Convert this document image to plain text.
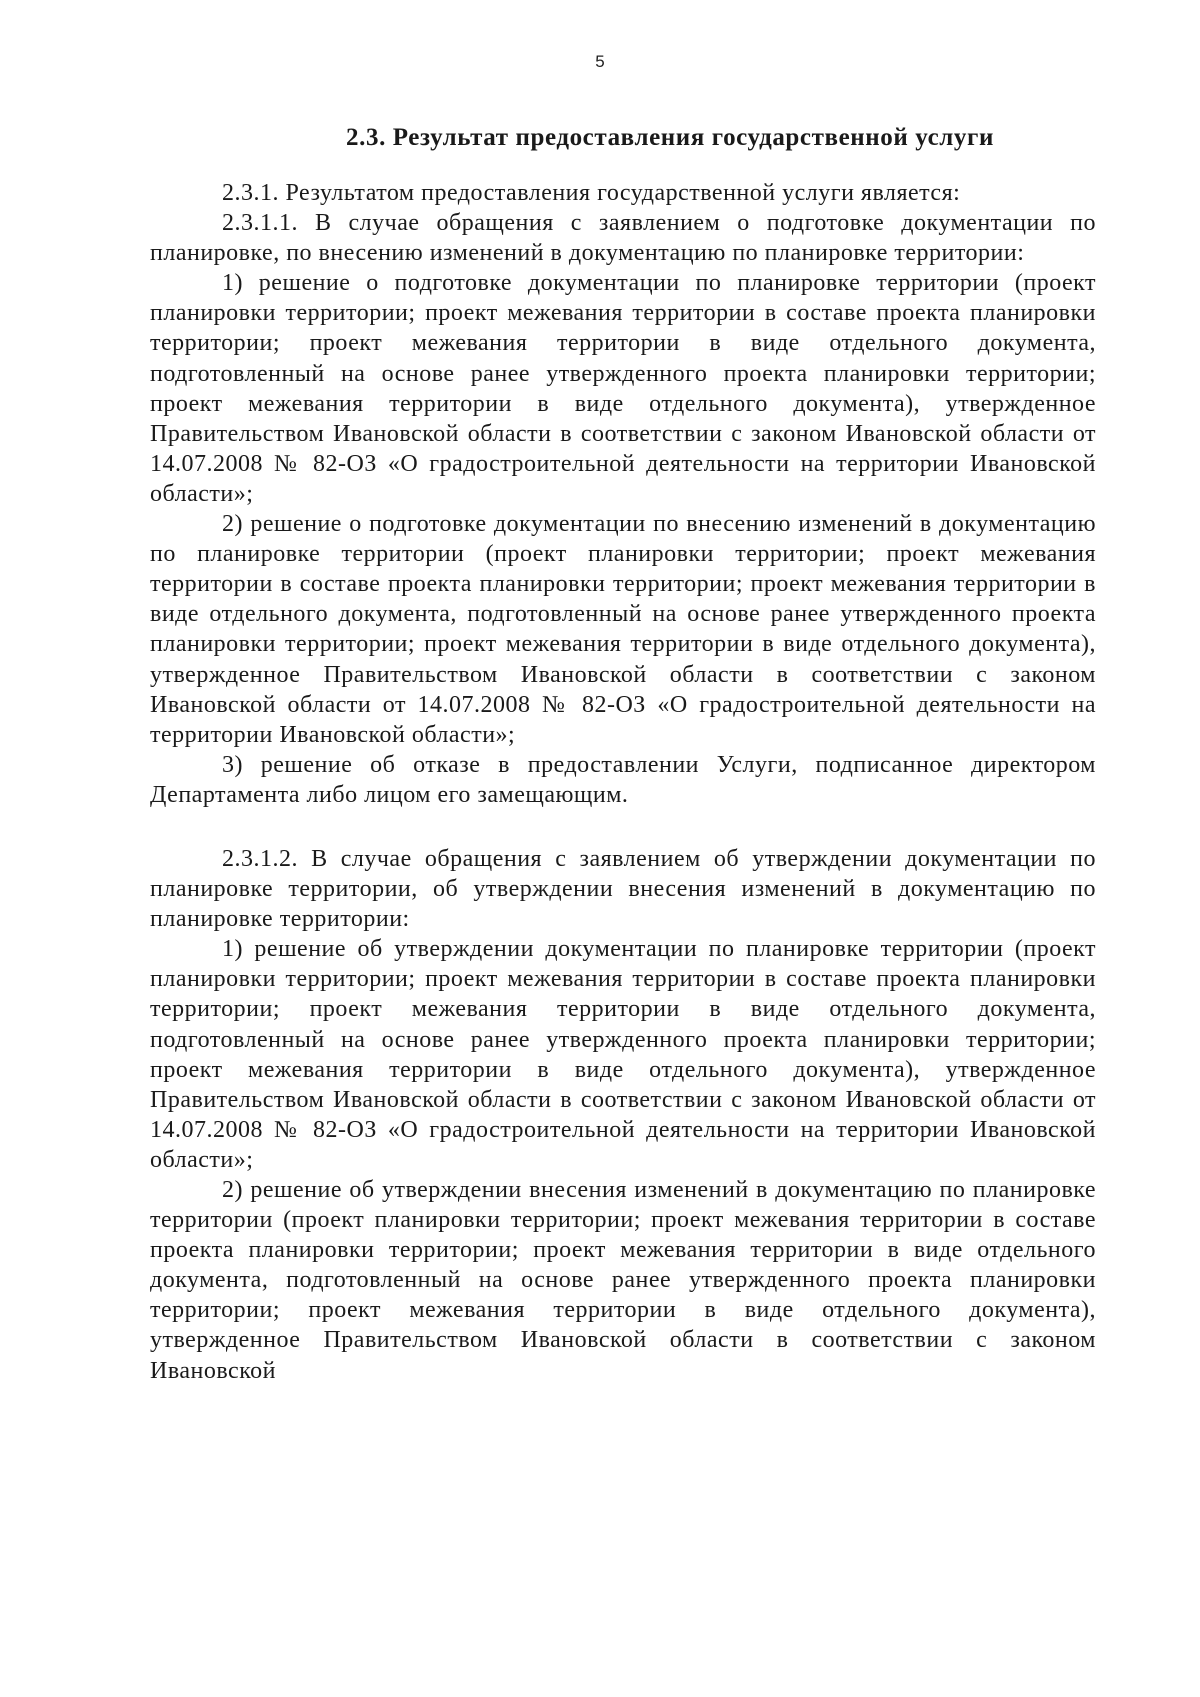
5
2.3. Результат предоставления государственной услуги

2.3.1. Результатом предоставления государственной услуги является:

2.3.1.1. В случае обращения с заявлением о подготовке документации по планировке, по внесению изменений в документацию по планировке территории:

1) решение о подготовке документации по планировке территории (проект планировки территории; проект межевания территории в составе проекта планировки территории; проект межевания территории в виде отдельного документа, подготовленный на основе ранее утвержденного проекта планировки территории; проект межевания территории в виде отдельного документа), утвержденное Правительством Ивановской области в соответствии с законом Ивановской области от 14.07.2008 № 82-ОЗ «О градостроительной деятельности на территории Ивановской области»;

2) решение о подготовке документации по внесению изменений в документацию по планировке территории (проект планировки территории; проект межевания территории в составе проекта планировки территории; проект межевания территории в виде отдельного документа, подготовленный на основе ранее утвержденного проекта планировки территории; проект межевания территории в виде отдельного документа), утвержденное Правительством Ивановской области в соответствии с законом Ивановской области от 14.07.2008 № 82-ОЗ «О градостроительной деятельности на территории Ивановской области»;

3) решение об отказе в предоставлении Услуги, подписанное директором Департамента либо лицом его замещающим.

2.3.1.2. В случае обращения с заявлением об утверждении документации по планировке территории, об утверждении внесения изменений в документацию по планировке территории:

1) решение об утверждении документации по планировке территории (проект планировки территории; проект межевания территории в составе проекта планировки территории; проект межевания территории в виде отдельного документа, подготовленный на основе ранее утвержденного проекта планировки территории; проект межевания территории в виде отдельного документа), утвержденное Правительством Ивановской области в соответствии с законом Ивановской области от 14.07.2008 № 82-ОЗ «О градостроительной деятельности на территории Ивановской области»;

2) решение об утверждении внесения изменений в документацию по планировке территории (проект планировки территории; проект межевания территории в составе проекта планировки территории; проект межевания территории в виде отдельного документа, подготовленный на основе ранее утвержденного проекта планировки территории; проект межевания территории в виде отдельного документа), утвержденное Правительством Ивановской области в соответствии с законом Ивановской
